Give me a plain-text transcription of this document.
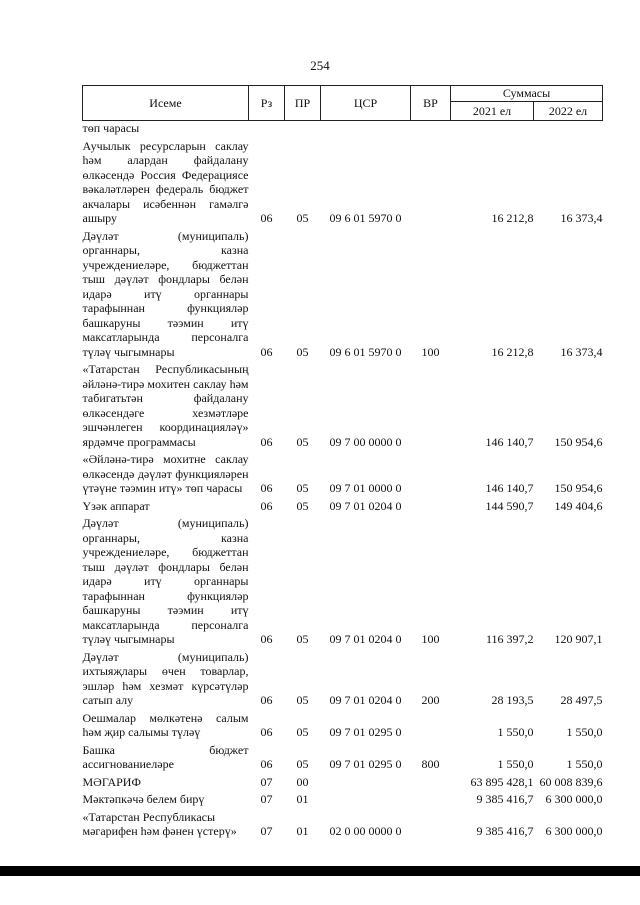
254
Исеме	Рз	ПР	ЦСР	ВР	Суммасы	
					2021 ел	2022 ел
төп чарасы						
Аучылык ресурсларын саклау һәм алардан файдалану өлкәсендә Россия Федерациясе вәкаләтләрен федераль бюджет акчалары исәбеннән гамәлгә ашыру	06	05	09 6 01 5970 0		16 212,8	16 373,4
Дәүләт (муниципаль) органнары, казна учреждениеләре, бюджеттан тыш дәүләт фондлары белән идарә итү органнары тарафыннан функцияләр башкаруны тәэмин итү максатларында персоналга түләү чыгымнары	06	05	09 6 01 5970 0	100	16 212,8	16 373,4
«Татарстан Республикасының әйләнә-тирә мохитен саклау һәм табигатьтән файдалану өлкәсендәге хезмәтләре эшчәнлеген координацияләү» ярдәмче программасы	06	05	09 7 00 0000 0		146 140,7	150 954,6
«Әйләнә-тирә мохитне саклау өлкәсендә дәүләт функцияләрен үтәүне тәэмин итү» төп чарасы	06	05	09 7 01 0000 0		146 140,7	150 954,6
Үзәк аппарат	06	05	09 7 01 0204 0		144 590,7	149 404,6
Дәүләт (муниципаль) органнары, казна учреждениеләре, бюджеттан тыш дәүләт фондлары белән идарә итү органнары тарафыннан функцияләр башкаруны тәэмин итү максатларында персоналга түләү чыгымнары	06	05	09 7 01 0204 0	100	116 397,2	120 907,1
Дәүләт (муниципаль) ихтыяҗлары өчен товарлар, эшләр һәм хезмәт күрсәтүләр сатып алу	06	05	09 7 01 0204 0	200	28 193,5	28 497,5
Оешмалар мөлкәтенә салым һәм җир салымы түләү	06	05	09 7 01 0295 0		1 550,0	1 550,0
Башка бюджет ассигнованиеләре	06	05	09 7 01 0295 0	800	1 550,0	1 550,0
МӘГАРИФ	07	00			63 895 428,1	60 008 839,6
Мәктәпкәчә белем бирү	07	01			9 385 416,7	6 300 000,0
«Татарстан Республикасы мәгарифен һәм фәнен үстерү»	07	01	02 0 00 0000 0		9 385 416,7	6 300 000,0
